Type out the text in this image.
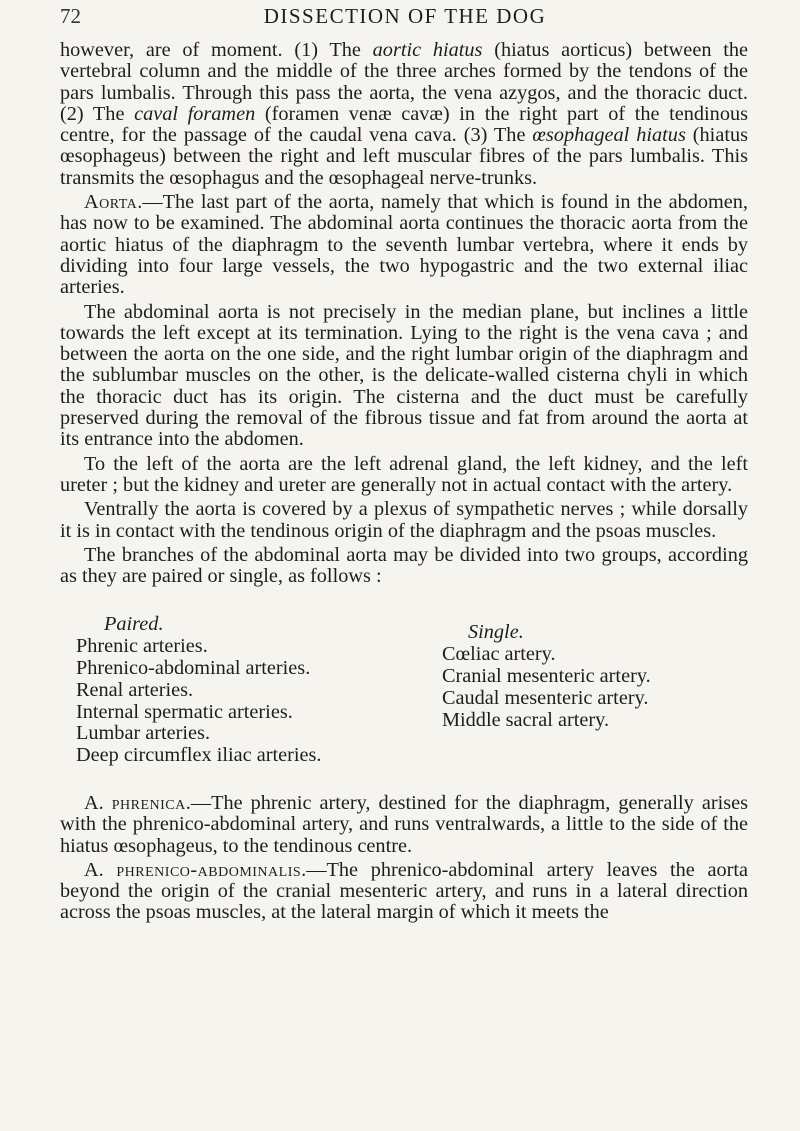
72	DISSECTION OF THE DOG

however, are of moment. (1) The aortic hiatus (hiatus aorticus) between the vertebral column and the middle of the three arches formed by the tendons of the pars lumbalis. Through this pass the aorta, the vena azygos, and the thoracic duct. (2) The caval foramen (foramen venæ cavæ) in the right part of the tendinous centre, for the passage of the caudal vena cava. (3) The œsophageal hiatus (hiatus œsophageus) between the right and left muscular fibres of the pars lumbalis. This transmits the œsophagus and the œsophageal nerve-trunks.

Aorta.—The last part of the aorta, namely that which is found in the abdomen, has now to be examined. The abdominal aorta continues the thoracic aorta from the aortic hiatus of the diaphragm to the seventh lumbar vertebra, where it ends by dividing into four large vessels, the two hypogastric and the two external iliac arteries.

The abdominal aorta is not precisely in the median plane, but inclines a little towards the left except at its termination. Lying to the right is the vena cava ; and between the aorta on the one side, and the right lumbar origin of the diaphragm and the sublumbar muscles on the other, is the delicate-walled cisterna chyli in which the thoracic duct has its origin. The cisterna and the duct must be carefully preserved during the removal of the fibrous tissue and fat from around the aorta at its entrance into the abdomen.

To the left of the aorta are the left adrenal gland, the left kidney, and the left ureter ; but the kidney and ureter are generally not in actual contact with the artery.

Ventrally the aorta is covered by a plexus of sympathetic nerves ; while dorsally it is in contact with the tendinous origin of the diaphragm and the psoas muscles.

The branches of the abdominal aorta may be divided into two groups, according as they are paired or single, as follows :

Paired.
Phrenic arteries.
Phrenico-abdominal arteries.
Renal arteries.
Internal spermatic arteries.
Lumbar arteries.
Deep circumflex iliac arteries.
Single.
Cœliac artery.
Cranial mesenteric artery.
Caudal mesenteric artery.
Middle sacral artery.

A. phrenica.—The phrenic artery, destined for the diaphragm, generally arises with the phrenico-abdominal artery, and runs ventralwards, a little to the side of the hiatus œsophageus, to the tendinous centre.

A. phrenico-abdominalis.—The phrenico-abdominal artery leaves the aorta beyond the origin of the cranial mesenteric artery, and runs in a lateral direction across the psoas muscles, at the lateral margin of which it meets the
